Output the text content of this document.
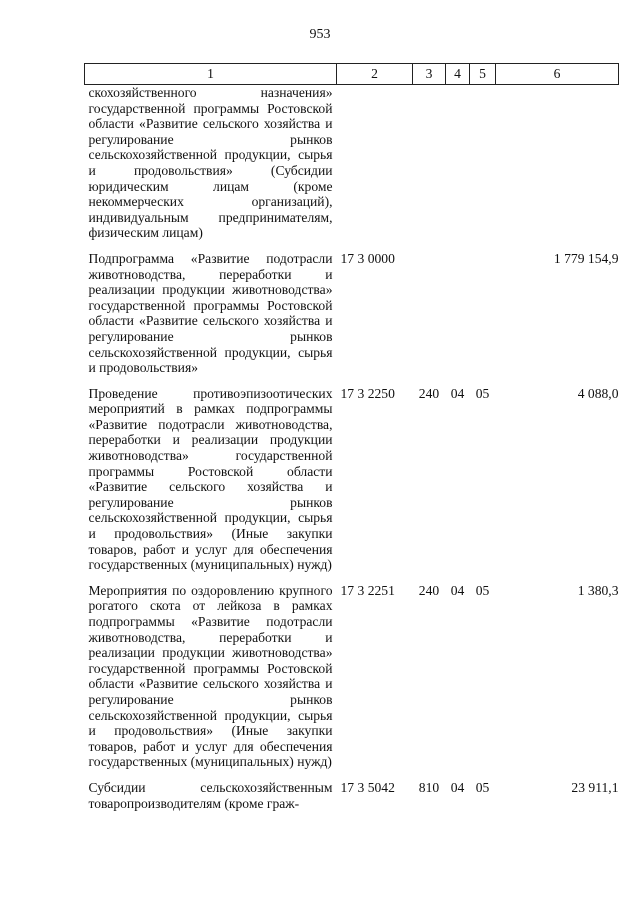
953
1	2	3	4	5	6
скохозяйственного назначения» государственной программы Ростовской области «Развитие сельского хозяйства и регулирование рынков сельскохозяйственной продукции, сырья и продовольствия» (Субсидии юридическим лицам (кроме некоммерческих организаций), индивидуальным предпринимателям, физическим лицам)					
Подпрограмма «Развитие подотрасли животноводства, переработки и реализации продукции животноводства» государственной программы Ростовской области «Развитие сельского хозяйства и регулирование рынков сельскохозяйственной продукции, сырья и продовольствия»	17 3 0000				1 779 154,9
Проведение противоэпизоотических мероприятий в рамках подпрограммы «Развитие подотрасли животноводства, переработки и реализации продукции животноводства» государственной программы Ростовской области «Развитие сельского хозяйства и регулирование рынков сельскохозяйственной продукции, сырья и продовольствия» (Иные закупки товаров, работ и услуг для обеспечения государственных (муниципальных) нужд)	17 3 2250	240	04	05	4 088,0
Мероприятия по оздоровлению крупного рогатого скота от лейкоза в рамках подпрограммы «Развитие подотрасли животноводства, переработки и реализации продукции животноводства» государственной программы Ростовской области «Развитие сельского хозяйства и регулирование рынков сельскохозяйственной продукции, сырья и продовольствия» (Иные закупки товаров, работ и услуг для обеспечения государственных (муниципальных) нужд)	17 3 2251	240	04	05	1 380,3
Субсидии сельскохозяйственным товаропроизводителям (кроме граж-	17 3 5042	810	04	05	23 911,1
